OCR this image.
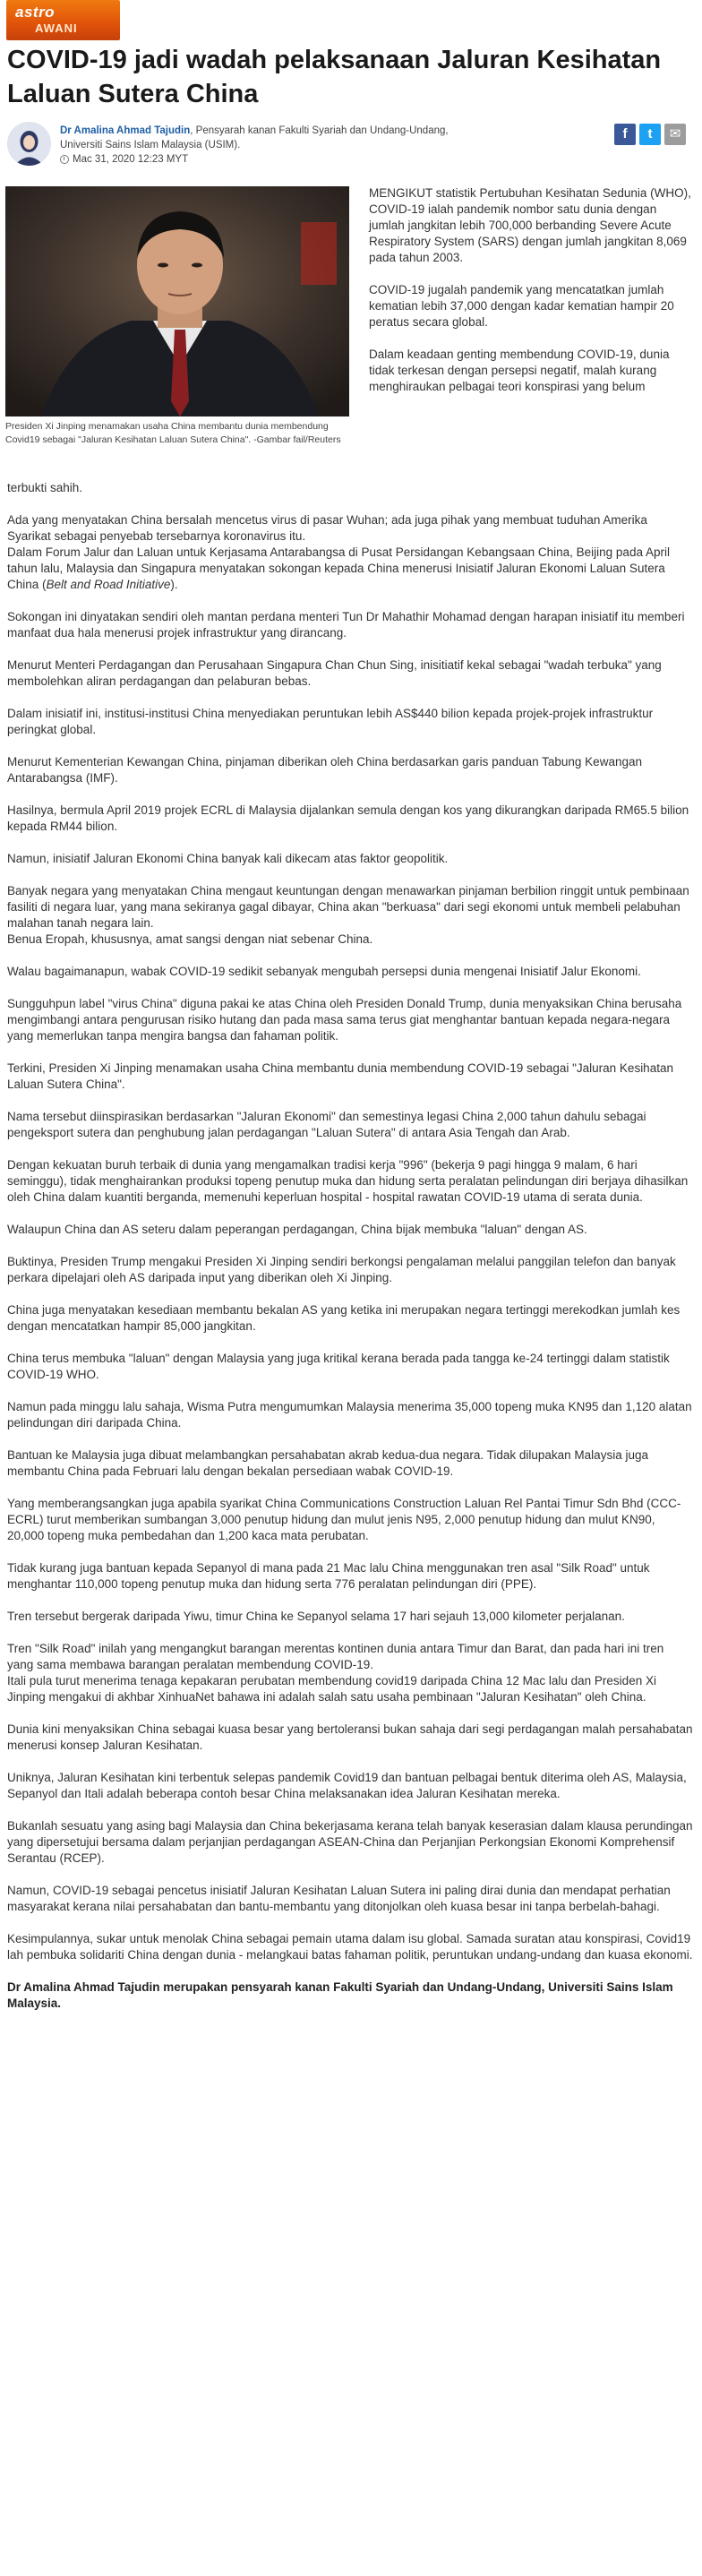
astro
AWANI
COVID-19 jadi wadah pelaksanaan Jaluran Kesihatan Laluan Sutera China
Dr Amalina Ahmad Tajudin, Pensyarah kanan Fakulti Syariah dan Undang-Undang,
Universiti Sains Islam Malaysia (USIM).
Mac 31, 2020 12:23 MYT
f	t	✉
Presiden Xi Jinping menamakan usaha China membantu dunia membendung Covid19 sebagai "Jaluran Kesihatan Laluan Sutera China". -Gambar fail/Reuters

MENGIKUT statistik Pertubuhan Kesihatan Sedunia (WHO), COVID-19 ialah pandemik nombor satu dunia dengan jumlah jangkitan lebih 700,000 berbanding Severe Acute Respiratory System (SARS) dengan jumlah jangkitan 8,069 pada tahun 2003.

COVID-19 jugalah pandemik yang mencatatkan jumlah kematian lebih 37,000 dengan kadar kematian hampir 20 peratus secara global.

Dalam keadaan genting membendung COVID-19, dunia tidak terkesan dengan persepsi negatif, malah kurang menghiraukan pelbagai teori konspirasi yang belum

terbukti sahih.

Ada yang menyatakan China bersalah mencetus virus di pasar Wuhan; ada juga pihak yang membuat tuduhan Amerika Syarikat sebagai penyebab tersebarnya koronavirus itu.

Dalam Forum Jalur dan Laluan untuk Kerjasama Antarabangsa di Pusat Persidangan Kebangsaan China, Beijing pada April tahun lalu, Malaysia dan Singapura menyatakan sokongan kepada China menerusi Inisiatif Jaluran Ekonomi Laluan Sutera China (Belt and Road Initiative).

Sokongan ini dinyatakan sendiri oleh mantan perdana menteri Tun Dr Mahathir Mohamad dengan harapan inisiatif itu memberi manfaat dua hala menerusi projek infrastruktur yang dirancang.

Menurut Menteri Perdagangan dan Perusahaan Singapura Chan Chun Sing, inisitiatif kekal sebagai "wadah terbuka" yang membolehkan aliran perdagangan dan pelaburan bebas.

Dalam inisiatif ini, institusi-institusi China menyediakan peruntukan lebih AS$440 bilion kepada projek-projek infrastruktur peringkat global.

Menurut Kementerian Kewangan China, pinjaman diberikan oleh China berdasarkan garis panduan Tabung Kewangan Antarabangsa (IMF).

Hasilnya, bermula April 2019 projek ECRL di Malaysia dijalankan semula dengan kos yang dikurangkan daripada RM65.5 bilion kepada RM44 bilion.

Namun, inisiatif Jaluran Ekonomi China banyak kali dikecam atas faktor geopolitik.

Banyak negara yang menyatakan China mengaut keuntungan dengan menawarkan pinjaman berbilion ringgit untuk pembinaan fasiliti di negara luar, yang mana sekiranya gagal dibayar, China akan "berkuasa" dari segi ekonomi untuk membeli pelabuhan malahan tanah negara lain.

Benua Eropah, khususnya, amat sangsi dengan niat sebenar China.

Walau bagaimanapun, wabak COVID-19 sedikit sebanyak mengubah persepsi dunia mengenai Inisiatif Jalur Ekonomi.

Sungguhpun label "virus China" diguna pakai ke atas China oleh Presiden Donald Trump, dunia menyaksikan China berusaha mengimbangi antara pengurusan risiko hutang dan pada masa sama terus giat menghantar bantuan kepada negara-negara yang memerlukan tanpa mengira bangsa dan fahaman politik.

Terkini, Presiden Xi Jinping menamakan usaha China membantu dunia membendung COVID-19 sebagai "Jaluran Kesihatan Laluan Sutera China".

Nama tersebut diinspirasikan berdasarkan "Jaluran Ekonomi" dan semestinya legasi China 2,000 tahun dahulu sebagai pengeksport sutera dan penghubung jalan perdagangan "Laluan Sutera" di antara Asia Tengah dan Arab.

Dengan kekuatan buruh terbaik di dunia yang mengamalkan tradisi kerja "996" (bekerja 9 pagi hingga 9 malam, 6 hari seminggu), tidak menghairankan produksi topeng penutup muka dan hidung serta peralatan pelindungan diri berjaya dihasilkan oleh China dalam kuantiti berganda, memenuhi keperluan hospital - hospital rawatan COVID-19 utama di serata dunia.

Walaupun China dan AS seteru dalam peperangan perdagangan, China bijak membuka "laluan" dengan AS.

Buktinya, Presiden Trump mengakui Presiden Xi Jinping sendiri berkongsi pengalaman melalui panggilan telefon dan banyak perkara dipelajari oleh AS daripada input yang diberikan oleh Xi Jinping.

China juga menyatakan kesediaan membantu bekalan AS yang ketika ini merupakan negara tertinggi merekodkan jumlah kes dengan mencatatkan hampir 85,000 jangkitan.

China terus membuka "laluan" dengan Malaysia yang juga kritikal kerana berada pada tangga ke-24 tertinggi dalam statistik COVID-19 WHO.

Namun pada minggu lalu sahaja, Wisma Putra mengumumkan Malaysia menerima 35,000 topeng muka KN95 dan 1,120 alatan pelindungan diri daripada China.

Bantuan ke Malaysia juga dibuat melambangkan persahabatan akrab kedua-dua negara. Tidak dilupakan Malaysia juga membantu China pada Februari lalu dengan bekalan persediaan wabak COVID-19.

Yang memberangsangkan juga apabila syarikat China Communications Construction Laluan Rel Pantai Timur Sdn Bhd (CCC-ECRL) turut memberikan sumbangan 3,000 penutup hidung dan mulut jenis N95, 2,000 penutup hidung dan mulut KN90, 20,000 topeng muka pembedahan dan 1,200 kaca mata perubatan.

Tidak kurang juga bantuan kepada Sepanyol di mana pada 21 Mac lalu China menggunakan tren asal "Silk Road" untuk menghantar 110,000 topeng penutup muka dan hidung serta 776 peralatan pelindungan diri (PPE).

Tren tersebut bergerak daripada Yiwu, timur China ke Sepanyol selama 17 hari sejauh 13,000 kilometer perjalanan.

Tren "Silk Road" inilah yang mengangkut barangan merentas kontinen dunia antara Timur dan Barat, dan pada hari ini tren yang sama membawa barangan peralatan membendung COVID-19.

Itali pula turut menerima tenaga kepakaran perubatan membendung covid19 daripada China 12 Mac lalu dan Presiden Xi Jinping mengakui di akhbar XinhuaNet bahawa ini adalah salah satu usaha pembinaan "Jaluran Kesihatan" oleh China.

Dunia kini menyaksikan China sebagai kuasa besar yang bertoleransi bukan sahaja dari segi perdagangan malah persahabatan menerusi konsep Jaluran Kesihatan.

Uniknya, Jaluran Kesihatan kini terbentuk selepas pandemik Covid19 dan bantuan pelbagai bentuk diterima oleh AS, Malaysia, Sepanyol dan Itali adalah beberapa contoh besar China melaksanakan idea Jaluran Kesihatan mereka.

Bukanlah sesuatu yang asing bagi Malaysia dan China bekerjasama kerana telah banyak keserasian dalam klausa perundingan yang dipersetujui bersama dalam perjanjian perdagangan ASEAN-China dan Perjanjian Perkongsian Ekonomi Komprehensif Serantau (RCEP).

Namun, COVID-19 sebagai pencetus inisiatif Jaluran Kesihatan Laluan Sutera ini paling dirai dunia dan mendapat perhatian masyarakat kerana nilai persahabatan dan bantu-membantu yang ditonjolkan oleh kuasa besar ini tanpa berbelah-bahagi.

Kesimpulannya, sukar untuk menolak China sebagai pemain utama dalam isu global. Samada suratan atau konspirasi, Covid19 lah pembuka solidariti China dengan dunia - melangkaui batas fahaman politik, peruntukan undang-undang dan kuasa ekonomi.

Dr Amalina Ahmad Tajudin merupakan pensyarah kanan Fakulti Syariah dan Undang-Undang, Universiti Sains Islam Malaysia.
